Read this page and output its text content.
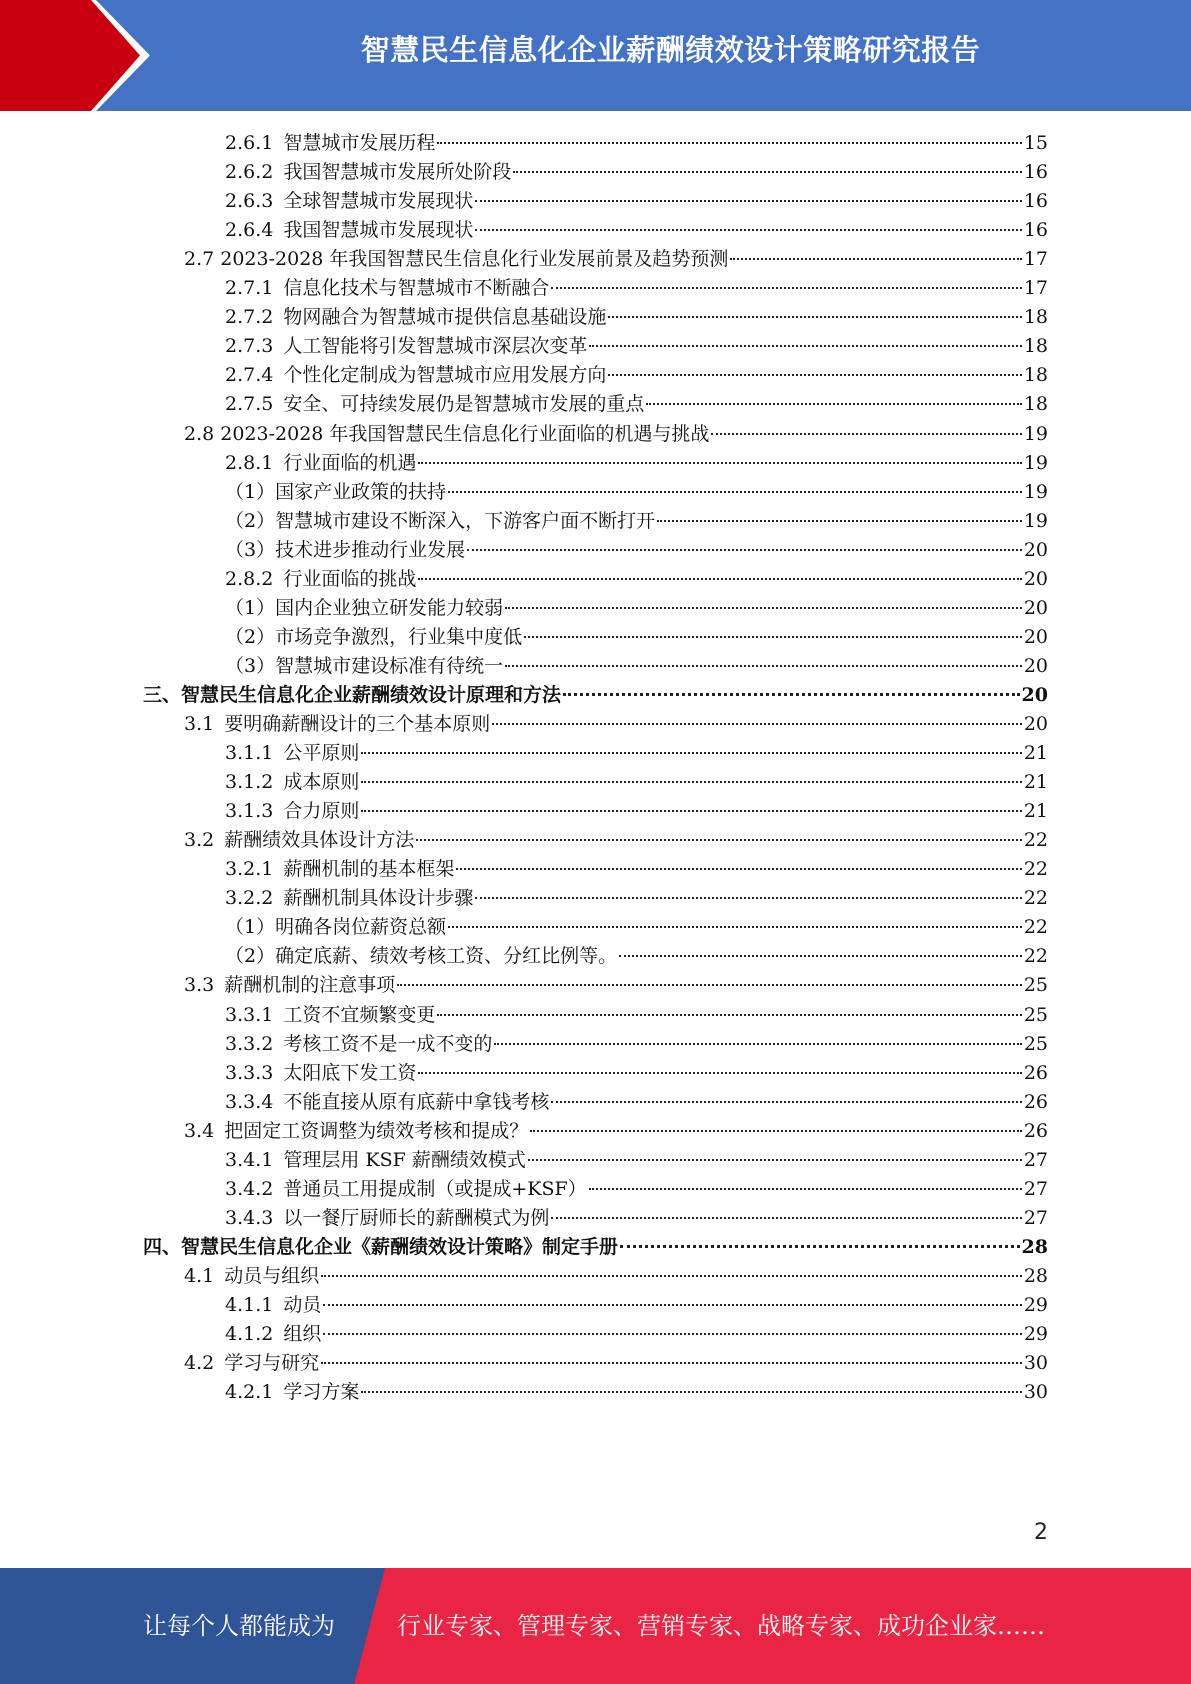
智慧民生信息化企业薪酬绩效设计策略研究报告
2.6.1 智慧城市发展历程	15
2.6.2 我国智慧城市发展所处阶段	16
2.6.3 全球智慧城市发展现状	16
2.6.4 我国智慧城市发展现状	16
2.7 2023-2028 年我国智慧民生信息化行业发展前景及趋势预测	17
2.7.1 信息化技术与智慧城市不断融合	17
2.7.2 物网融合为智慧城市提供信息基础设施	18
2.7.3 人工智能将引发智慧城市深层次变革	18
2.7.4 个性化定制成为智慧城市应用发展方向	18
2.7.5 安全、可持续发展仍是智慧城市发展的重点	18
2.8 2023-2028 年我国智慧民生信息化行业面临的机遇与挑战	19
2.8.1 行业面临的机遇	19
（1）国家产业政策的扶持	19
（2）智慧城市建设不断深入，下游客户面不断打开	19
（3）技术进步推动行业发展	20
2.8.2 行业面临的挑战	20
（1）国内企业独立研发能力较弱	20
（2）市场竞争激烈，行业集中度低	20
（3）智慧城市建设标准有待统一	20
三、智慧民生信息化企业薪酬绩效设计原理和方法	20
3.1 要明确薪酬设计的三个基本原则	20
3.1.1 公平原则	21
3.1.2 成本原则	21
3.1.3 合力原则	21
3.2 薪酬绩效具体设计方法	22
3.2.1 薪酬机制的基本框架	22
3.2.2 薪酬机制具体设计步骤	22
（1）明确各岗位薪资总额	22
（2）确定底薪、绩效考核工资、分红比例等。	22
3.3 薪酬机制的注意事项	25
3.3.1 工资不宜频繁变更	25
3.3.2 考核工资不是一成不变的	25
3.3.3 太阳底下发工资	26
3.3.4 不能直接从原有底薪中拿钱考核	26
3.4 把固定工资调整为绩效考核和提成？	26
3.4.1 管理层用 KSF 薪酬绩效模式	27
3.4.2 普通员工用提成制（或提成+KSF）	27
3.4.3 以一餐厅厨师长的薪酬模式为例	27
四、智慧民生信息化企业《薪酬绩效设计策略》制定手册	28
4.1 动员与组织	28
4.1.1 动员	29
4.1.2 组织	29
4.2 学习与研究	30
4.2.1 学习方案	30
2
让每个人都能成为	行业专家、管理专家、营销专家、战略专家、成功企业家……
